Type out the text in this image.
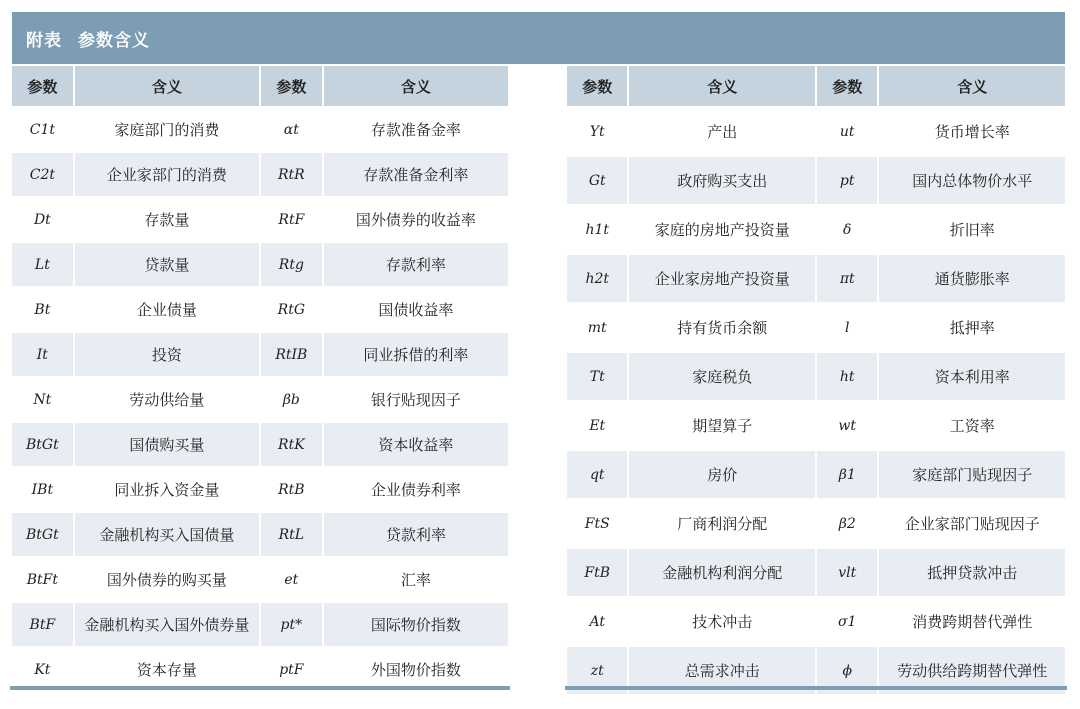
附表 参数含义
参数	含义	参数	含义
C1t	家庭部门的消费	αt	存款准备金率
C2t	企业家部门的消费	RtR	存款准备金利率
Dt	存款量	RtF	国外债券的收益率
Lt	贷款量	Rtg	存款利率
Bt	企业债量	RtG	国债收益率
It	投资	RtIB	同业拆借的利率
Nt	劳动供给量	βb	银行贴现因子
BtGt	国债购买量	RtK	资本收益率
IBt	同业拆入资金量	RtB	企业债券利率
BtGt	金融机构买入国债量	RtL	贷款利率
BtFt	国外债券的购买量	et	汇率
BtF	金融机构买入国外债券量	pt*	国际物价指数
Kt	资本存量	ptF	外国物价指数
参数	含义	参数	含义
Yt	产出	ut	货币增长率
Gt	政府购买支出	pt	国内总体物价水平
h1t	家庭的房地产投资量	δ	折旧率
h2t	企业家房地产投资量	πt	通货膨胀率
mt	持有货币余额	l	抵押率
Tt	家庭税负	ht	资本利用率
Et	期望算子	wt	工资率
qt	房价	β1	家庭部门贴现因子
FtS	厂商利润分配	β2	企业家部门贴现因子
FtB	金融机构利润分配	vlt	抵押贷款冲击
At	技术冲击	σ1	消费跨期替代弹性
zt	总需求冲击	ϕ	劳动供给跨期替代弹性
